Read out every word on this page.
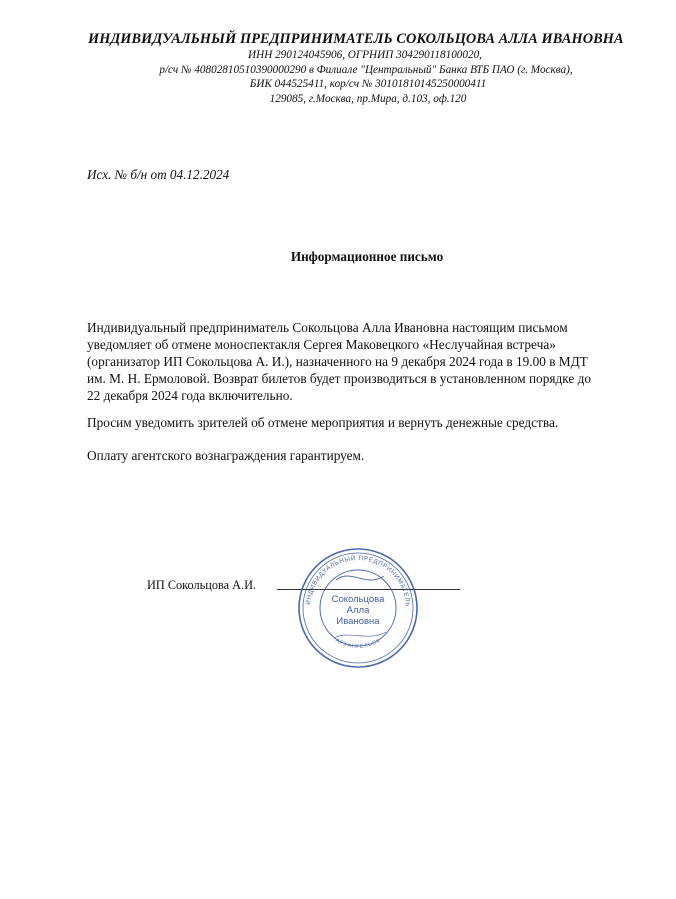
ИНДИВИДУАЛЬНЫЙ ПРЕДПРИНИМАТЕЛЬ СОКОЛЬЦОВА АЛЛА ИВАНОВНА
ИНН 290124045906, ОГРНИП 304290118100020,
р/сч № 40802810510390000290 в Филиале "Центральный" Банка ВТБ ПАО (г. Москва),
БИК 044525411, кор/сч № 30101810145250000411
129085, г.Москва, пр.Мира, д.103, оф.120
Исх. № б/н от 04.12.2024
Информационное письмо

Индивидуальный предприниматель Сокольцова Алла Ивановна настоящим письмом
уведомляет об отмене моноспектакля Сергея Маковецкого «Неслучайная встреча»
(организатор ИП Сокольцова А. И.), назначенного на 9 декабря 2024 года в 19.00 в МДТ
им. М. Н. Ермоловой. Возврат билетов будет производиться в установленном порядке до
22 декабря 2024 года включительно.

Просим уведомить зрителей об отмене мероприятия и вернуть денежные средства.

Оплату агентского вознаграждения гарантируем.

ИП Сокольцова А.И.
ИНДИВИДУАЛЬНЫЙ ПРЕДПРИНИМАТЕЛЬ
АРХАНГЕЛЬСК
Сокольцова
Алла
Ивановна
